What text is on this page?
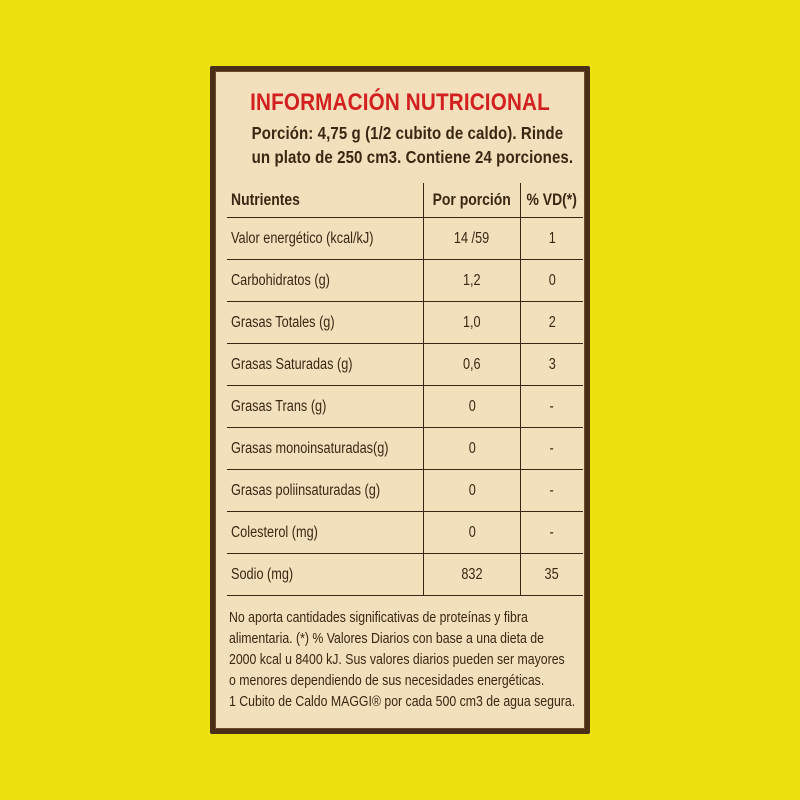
INFORMACIÓN NUTRICIONAL
Porción: 4,75 g (1/2 cubito de caldo). Rinde
un plato de 250 cm3. Contiene 24 porciones.
Nutrientes	Por porción	% VD(*)
Valor energético (kcal/kJ)	14 /59	1
Carbohidratos (g)	1,2	0
Grasas Totales (g)	1,0	2
Grasas Saturadas (g)	0,6	3
Grasas Trans (g)	0	-
Grasas monoinsaturadas(g)	0	-
Grasas poliinsaturadas (g)	0	-
Colesterol (mg)	0	-
Sodio (mg)	832	35
No aporta cantidades significativas de proteínas y fibra
alimentaria. (*) % Valores Diarios con base a una dieta de
2000 kcal u 8400 kJ. Sus valores diarios pueden ser mayores
o menores dependiendo de sus necesidades energéticas.
1 Cubito de Caldo MAGGI® por cada 500 cm3 de agua segura.
